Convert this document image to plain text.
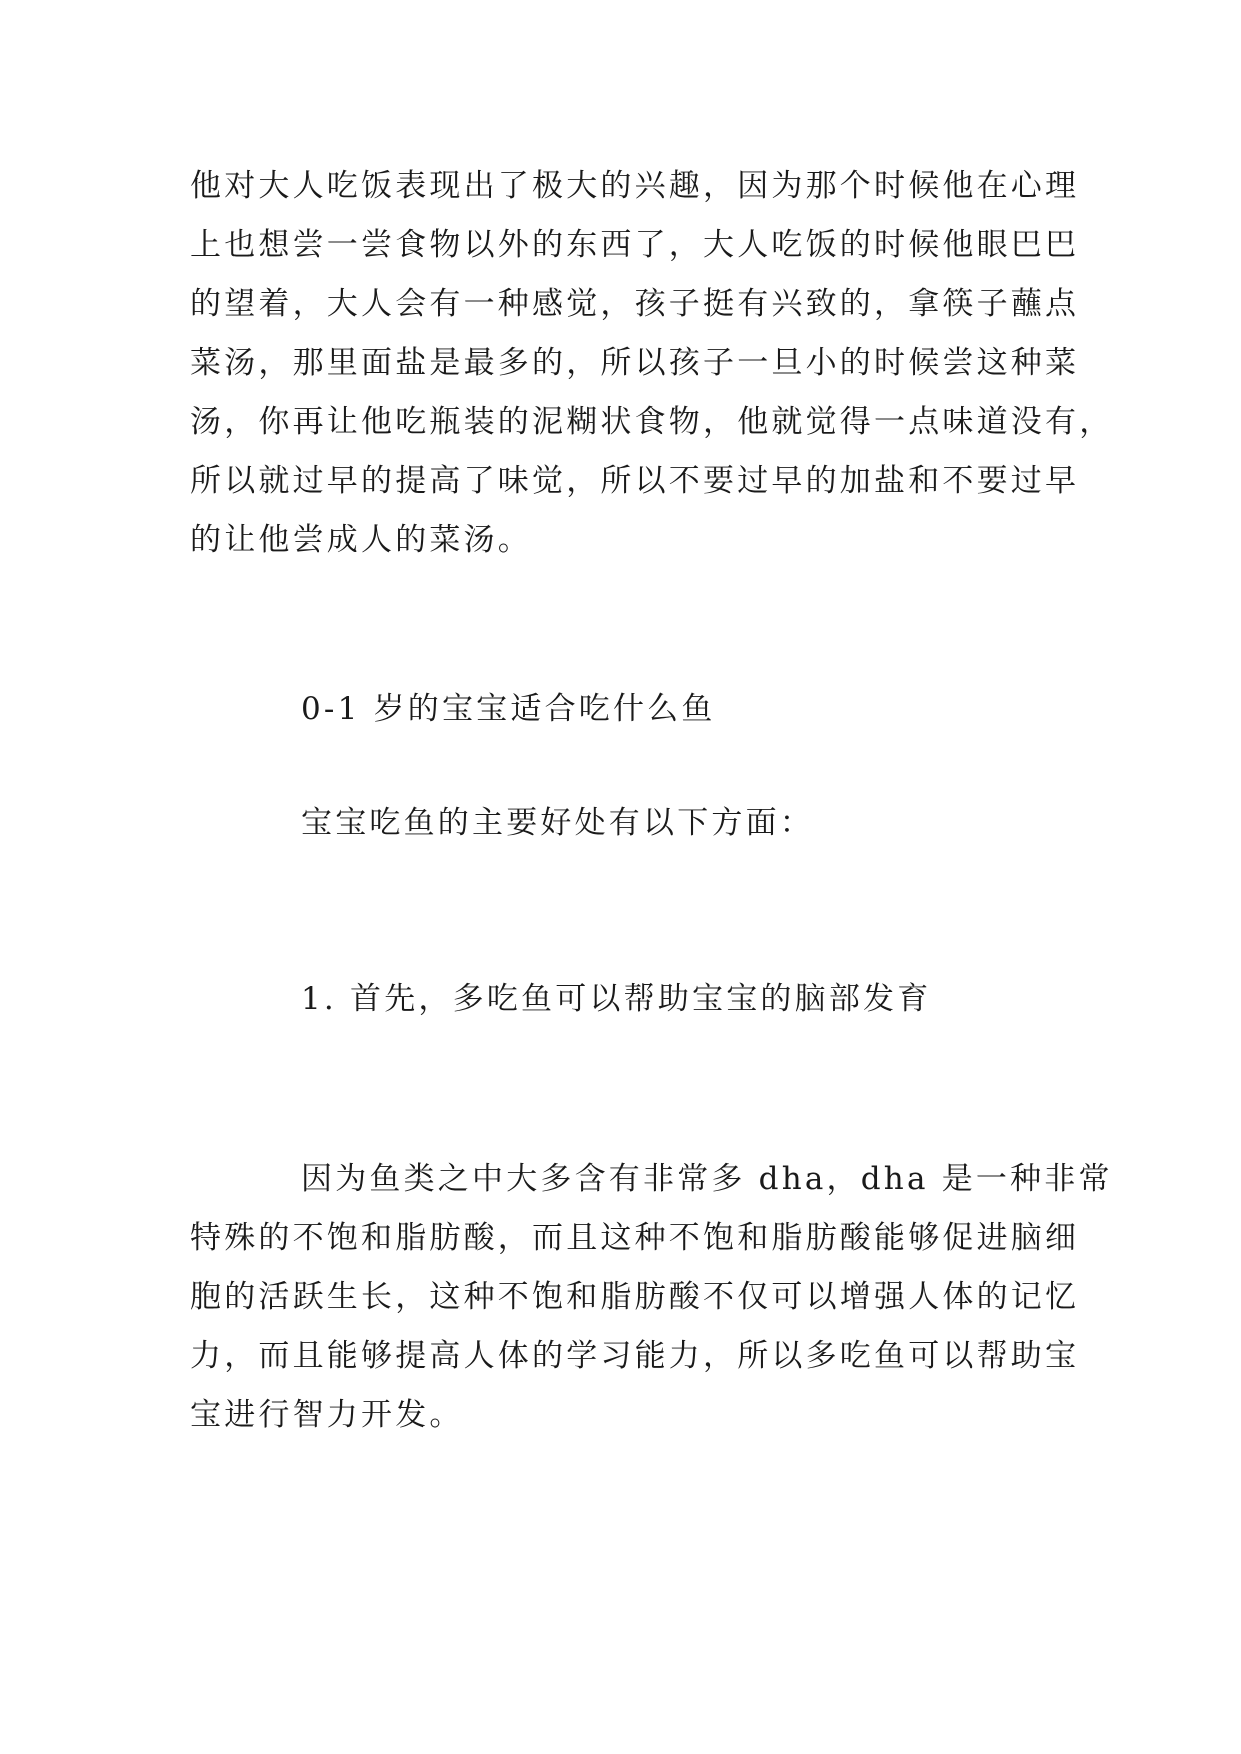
他对大人吃饭表现出了极大的兴趣，因为那个时候他在心理
上也想尝一尝食物以外的东西了，大人吃饭的时候他眼巴巴
的望着，大人会有一种感觉，孩子挺有兴致的，拿筷子蘸点
菜汤，那里面盐是最多的，所以孩子一旦小的时候尝这种菜
汤，你再让他吃瓶装的泥糊状食物，他就觉得一点味道没有，
所以就过早的提高了味觉，所以不要过早的加盐和不要过早
的让他尝成人的菜汤。
0-1 岁的宝宝适合吃什么鱼
宝宝吃鱼的主要好处有以下方面：
1. 首先，多吃鱼可以帮助宝宝的脑部发育
因为鱼类之中大多含有非常多 dha，dha 是一种非常
特殊的不饱和脂肪酸，而且这种不饱和脂肪酸能够促进脑细
胞的活跃生长，这种不饱和脂肪酸不仅可以增强人体的记忆
力，而且能够提高人体的学习能力，所以多吃鱼可以帮助宝
宝进行智力开发。
